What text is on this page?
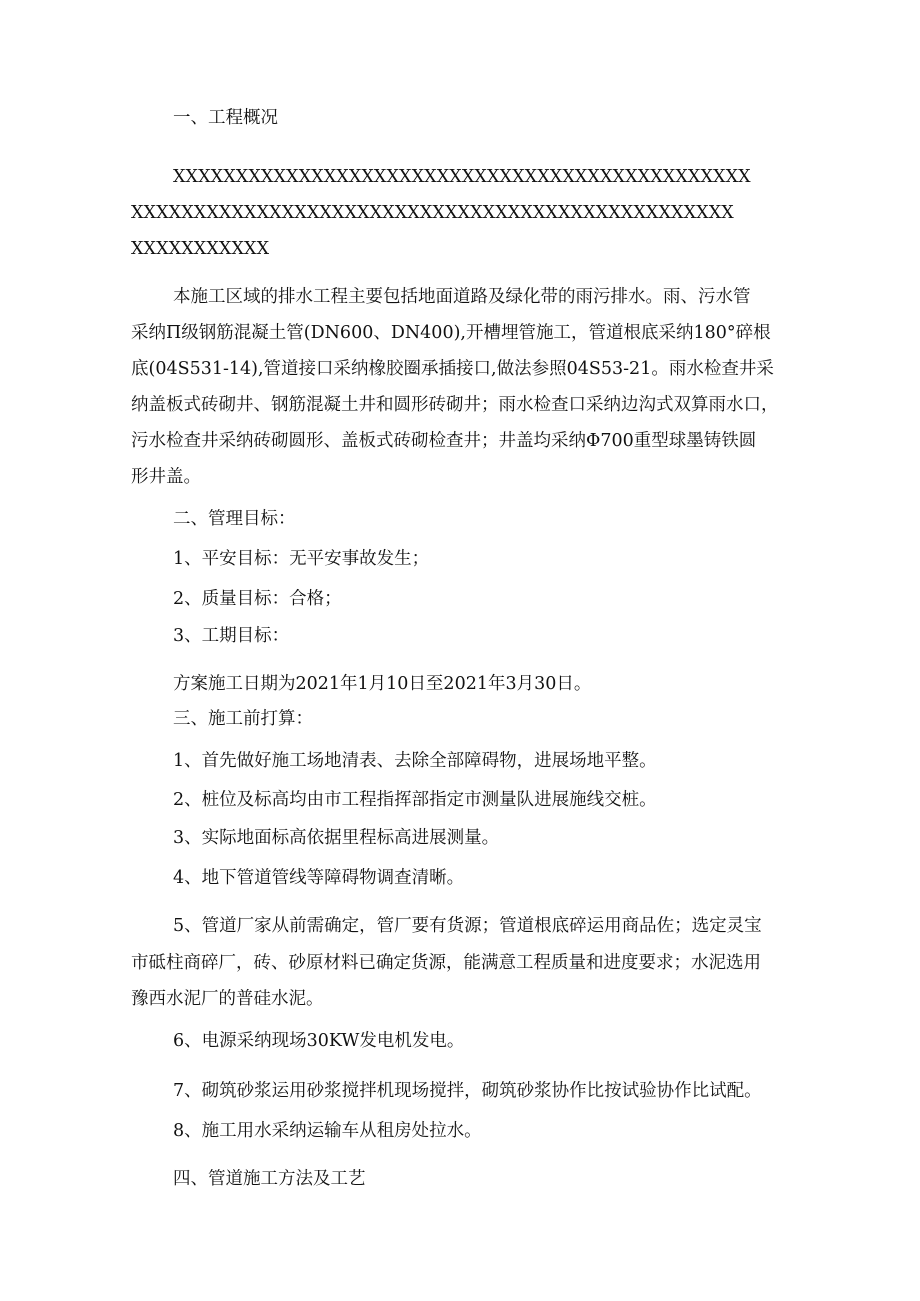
一、工程概况
XXXXXXXXXXXXXXXXXXXXXXXXXXXXXXXXXXXXXXXXXXXXXX
XXXXXXXXXXXXXXXXXXXXXXXXXXXXXXXXXXXXXXXXXXXXXXXX
XXXXXXXXXXX
本施工区域的排水工程主要包括地面道路及绿化带的雨污排水。雨、污水管
采纳Π级钢筋混凝土管(DN600、DN400),开槽埋管施工，管道根底采纳180°碎根
底(04S531-14),管道接口采纳橡胶圈承插接口,做法参照04S53-21。雨水检查井采
纳盖板式砖砌井、钢筋混凝土井和圆形砖砌井；雨水检查口采纳边沟式双算雨水口，
污水检查井采纳砖砌圆形、盖板式砖砌检查井；井盖均采纳Φ700重型球墨铸铁圆
形井盖。
二、管理目标：
1、平安目标：无平安事故发生；
2、质量目标：合格；
3、工期目标：
方案施工日期为2021年1月10日至2021年3月30日。
三、施工前打算：
1、首先做好施工场地清表、去除全部障碍物，进展场地平整。
2、桩位及标高均由市工程指挥部指定市测量队进展施线交桩。
3、实际地面标高依据里程标高进展测量。
4、地下管道管线等障碍物调查清晰。
5、管道厂家从前需确定，管厂要有货源；管道根底碎运用商品佐；选定灵宝
市砥柱商碎厂，砖、砂原材料已确定货源，能满意工程质量和进度要求；水泥选用
豫西水泥厂的普硅水泥。
6、电源采纳现场30KW发电机发电。
7、砌筑砂浆运用砂浆搅拌机现场搅拌，砌筑砂浆协作比按试验协作比试配。
8、施工用水采纳运输车从租房处拉水。
四、管道施工方法及工艺
